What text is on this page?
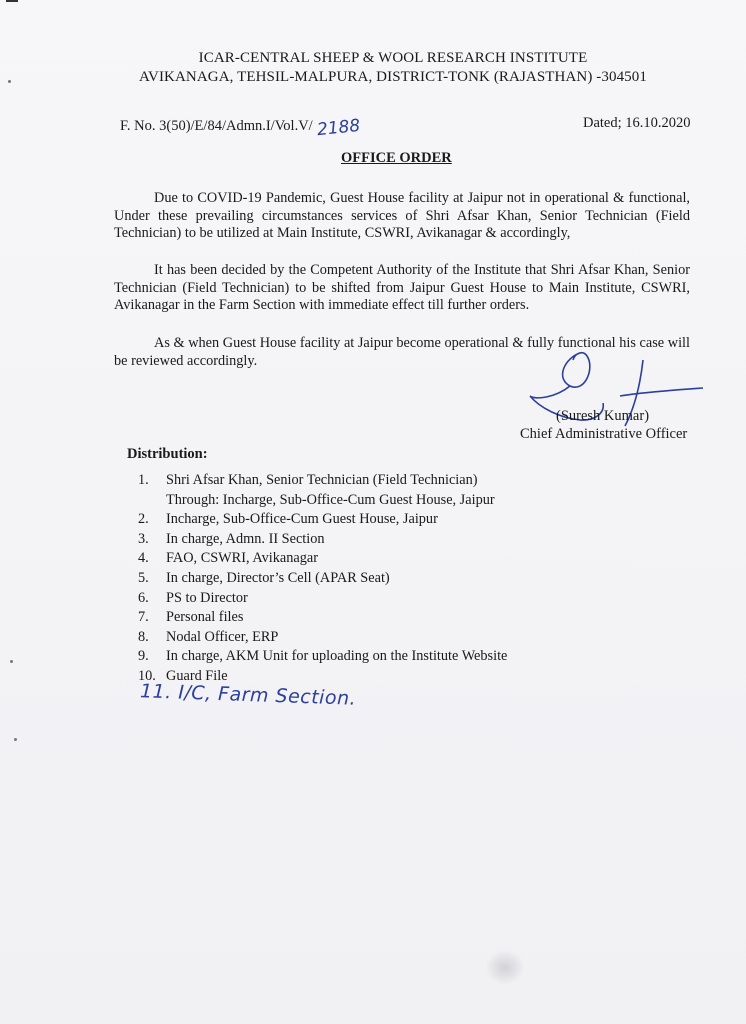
ICAR-CENTRAL SHEEP & WOOL RESEARCH INSTITUTE
AVIKANAGA, TEHSIL-MALPURA, DISTRICT-TONK (RAJASTHAN) -304501
F. No. 3(50)/E/84/Admn.I/Vol.V/ 2188	Dated; 16.10.2020
OFFICE ORDER
Due to COVID-19 Pandemic, Guest House facility at Jaipur not in operational & functional, Under these prevailing circumstances services of Shri Afsar Khan, Senior Technician (Field Technician) to be utilized at Main Institute, CSWRI, Avikanagar & accordingly,
It has been decided by the Competent Authority of the Institute that Shri Afsar Khan, Senior Technician (Field Technician) to be shifted from Jaipur Guest House to Main Institute, CSWRI, Avikanagar in the Farm Section with immediate effect till further orders.
As & when Guest House facility at Jaipur become operational & fully functional his case will be reviewed accordingly.
(Suresh Kumar)
Chief Administrative Officer
Distribution:
1.	Shri Afsar Khan, Senior Technician (Field Technician)
Through: Incharge, Sub-Office-Cum Guest House, Jaipur
2.	Incharge, Sub-Office-Cum Guest House, Jaipur
3.	In charge, Admn. II Section
4.	FAO, CSWRI, Avikanagar
5.	In charge, Director’s Cell (APAR Seat)
6.	PS to Director
7.	Personal files
8.	Nodal Officer, ERP
9.	In charge, AKM Unit for uploading on the Institute Website
10. Guard File
11. I/C, Farm Section.
